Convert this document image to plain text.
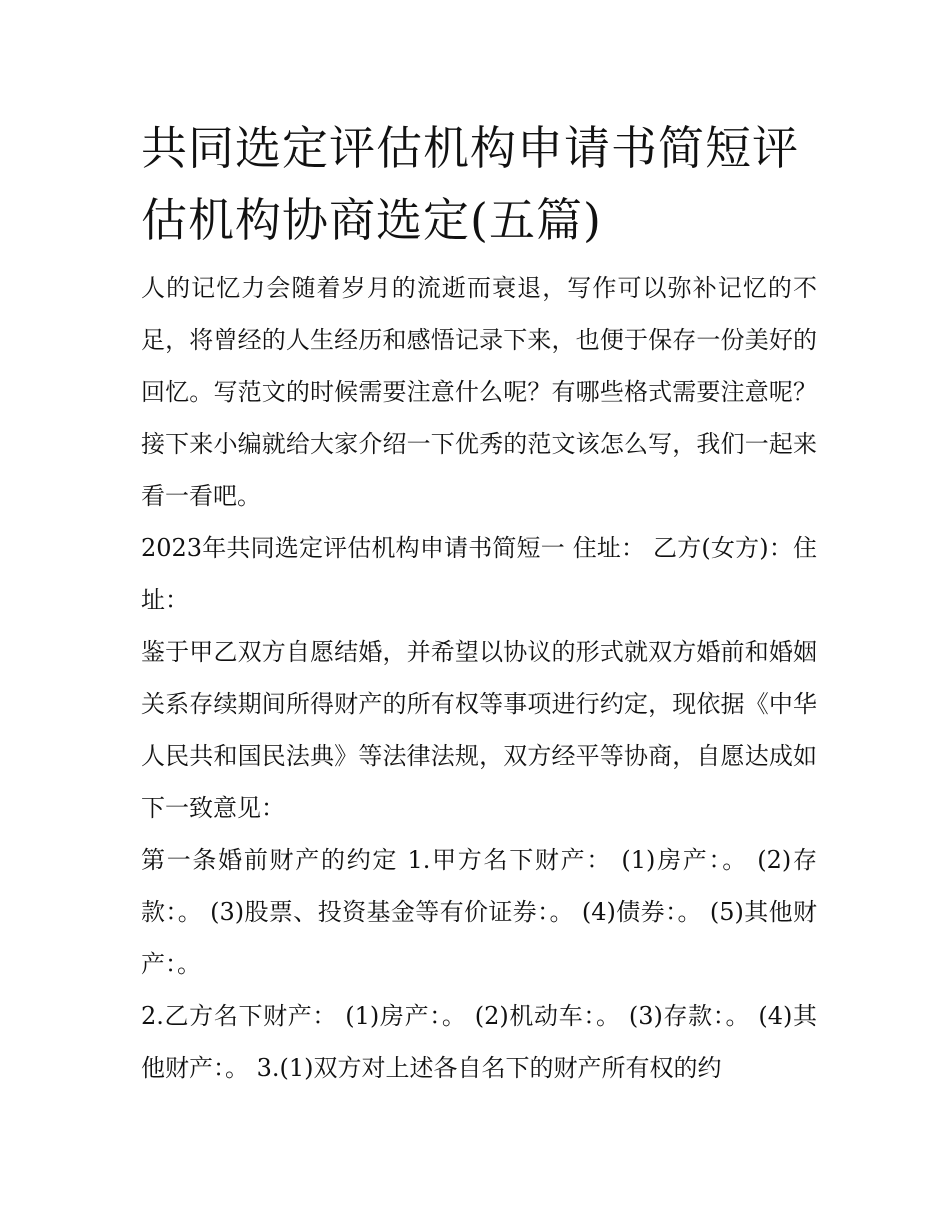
共同选定评估机构申请书简短评估机构协商选定(五篇)

人的记忆力会随着岁月的流逝而衰退，写作可以弥补记忆的不足，将曾经的人生经历和感悟记录下来，也便于保存一份美好的回忆。写范文的时候需要注意什么呢？有哪些格式需要注意呢？接下来小编就给大家介绍一下优秀的范文该怎么写，我们一起来看一看吧。

2023年共同选定评估机构申请书简短一 住址： 乙方(女方)：住址：

鉴于甲乙双方自愿结婚，并希望以协议的形式就双方婚前和婚姻关系存续期间所得财产的所有权等事项进行约定，现依据《中华人民共和国民法典》等法律法规，双方经平等协商，自愿达成如下一致意见：

第一条婚前财产的约定 1.甲方名下财产： (1)房产：。 (2)存款：。 (3)股票、投资基金等有价证券：。 (4)债券：。 (5)其他财产：。

2.乙方名下财产： (1)房产：。 (2)机动车：。 (3)存款：。 (4)其他财产：。 3.(1)双方对上述各自名下的财产所有权的约
